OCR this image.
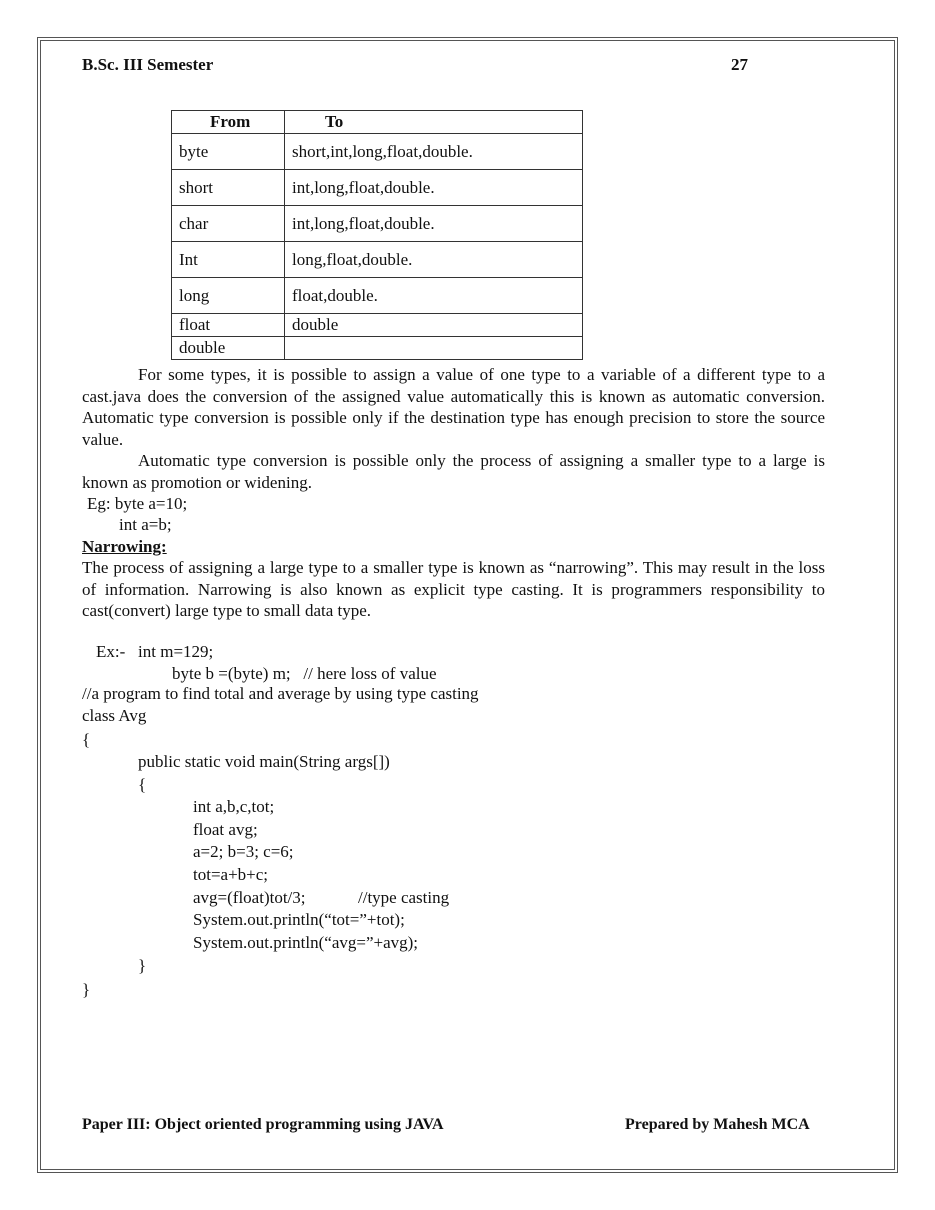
B.Sc. III Semester	27
From	To
byte	short,int,long,float,double.
short	int,long,float,double.
char	int,long,float,double.
Int	long,float,double.
long	float,double.
float	double
double	
For some types, it is possible to assign a value of one type to a variable of a different type to a cast.java does the conversion of the assigned value automatically this is known as automatic conversion. Automatic type conversion is possible only if the destination type has enough precision to store the source value.
Automatic type conversion is possible only the process of assigning a smaller type to a large is known as promotion or widening.
Eg: byte a=10;
int a=b;
Narrowing:
The process of assigning a large type to a smaller type is known as “narrowing”. This may result in the loss of information. Narrowing is also known as explicit type casting. It is programmers responsibility to cast(convert) large type to small data type.
Ex:-   int m=129;
byte b =(byte) m;   // here loss of value
//a program to find total and average by using type casting
class Avg
{
public static void main(String args[])
{
int a,b,c,tot;
float avg;
a=2; b=3; c=6;
tot=a+b+c;
avg=(float)tot/3;	//type casting
System.out.println(“tot=”+tot);
System.out.println(“avg=”+avg);
}
}
Paper III: Object oriented programming using JAVA	Prepared by Mahesh MCA
